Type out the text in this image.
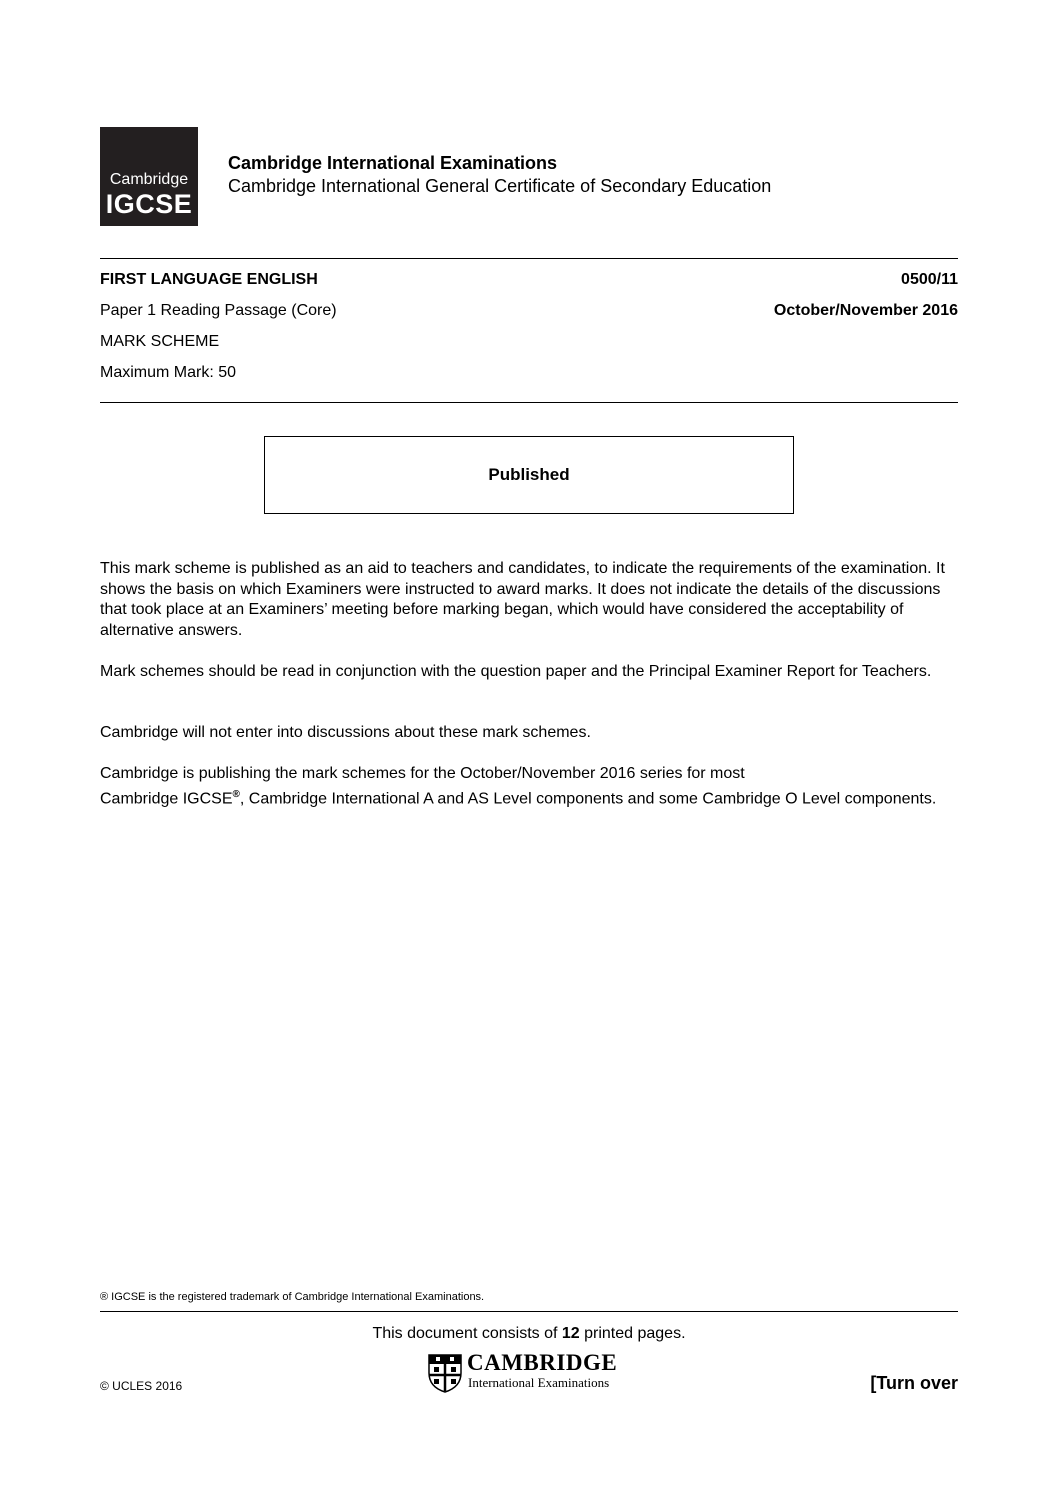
Cambridge
IGCSE
Cambridge International Examinations
Cambridge International General Certificate of Secondary Education
FIRST LANGUAGE ENGLISH	0500/11
Paper 1 Reading Passage (Core)	October/November 2016
MARK SCHEME
Maximum Mark: 50
Published
This mark scheme is published as an aid to teachers and candidates, to indicate the requirements of the examination. It shows the basis on which Examiners were instructed to award marks. It does not indicate the details of the discussions that took place at an Examiners’ meeting before marking began, which would have considered the acceptability of alternative answers.
Mark schemes should be read in conjunction with the question paper and the Principal Examiner Report for Teachers.
Cambridge will not enter into discussions about these mark schemes.
Cambridge is publishing the mark schemes for the October/November 2016 series for most
Cambridge IGCSE®, Cambridge International A and AS Level components and some Cambridge O Level components.
® IGCSE is the registered trademark of Cambridge International Examinations.
This document consists of 12 printed pages.
CAMBRIDGE
International Examinations
© UCLES 2016	[Turn over
